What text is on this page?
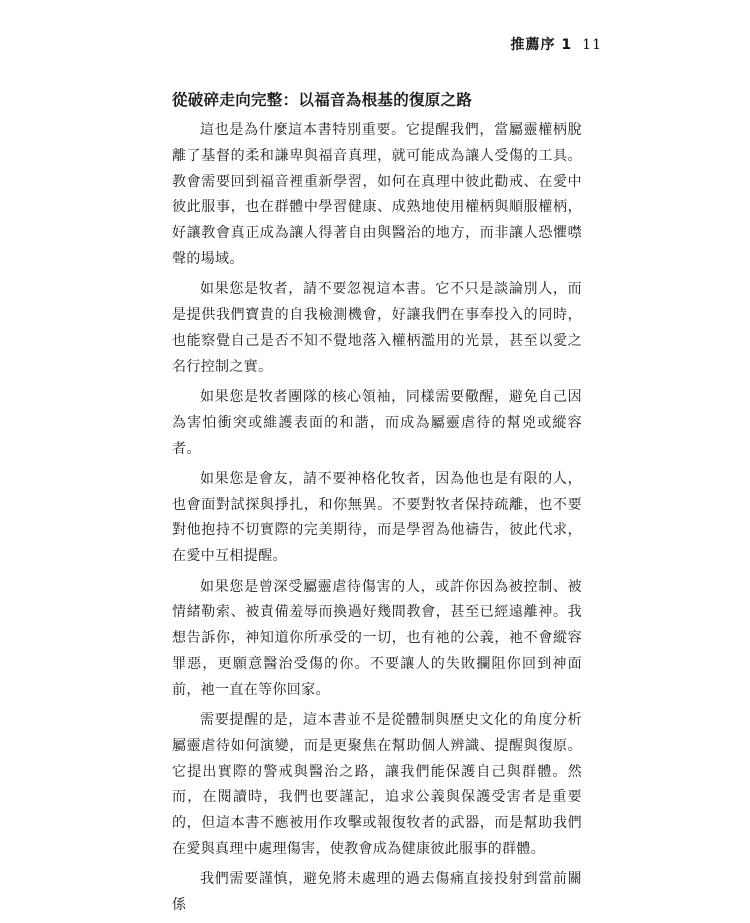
推薦序 1 11
從破碎走向完整：以福音為根基的復原之路

這也是為什麼這本書特別重要。它提醒我們，當屬靈權柄脫離了基督的柔和謙卑與福音真理，就可能成為讓人受傷的工具。教會需要回到福音裡重新學習，如何在真理中彼此勸戒、在愛中彼此服事，也在群體中學習健康、成熟地使用權柄與順服權柄，好讓教會真正成為讓人得著自由與醫治的地方，而非讓人恐懼噤聲的場域。

如果您是牧者，請不要忽視這本書。它不只是談論別人，而是提供我們寶貴的自我檢測機會，好讓我們在事奉投入的同時，也能察覺自己是否不知不覺地落入權柄濫用的光景，甚至以愛之名行控制之實。

如果您是牧者團隊的核心領袖，同樣需要儆醒，避免自己因為害怕衝突或維護表面的和諧，而成為屬靈虐待的幫兇或縱容者。

如果您是會友，請不要神格化牧者，因為他也是有限的人，也會面對試探與掙扎，和你無異。不要對牧者保持疏離，也不要對他抱持不切實際的完美期待，而是學習為他禱告，彼此代求，在愛中互相提醒。

如果您是曾深受屬靈虐待傷害的人，或許你因為被控制、被情緒勒索、被責備羞辱而換過好幾間教會，甚至已經遠離神。我想告訴你，神知道你所承受的一切，也有祂的公義，祂不會縱容罪惡，更願意醫治受傷的你。不要讓人的失敗攔阻你回到神面前，祂一直在等你回家。

需要提醒的是，這本書並不是從體制與歷史文化的角度分析屬靈虐待如何演變，而是更聚焦在幫助個人辨識、提醒與復原。它提出實際的警戒與醫治之路，讓我們能保護自己與群體。然而，在閱讀時，我們也要謹記，追求公義與保護受害者是重要的，但這本書不應被用作攻擊或報復牧者的武器，而是幫助我們在愛與真理中處理傷害，使教會成為健康彼此服事的群體。

我們需要謹慎，避免將未處理的過去傷痛直接投射到當前關係
